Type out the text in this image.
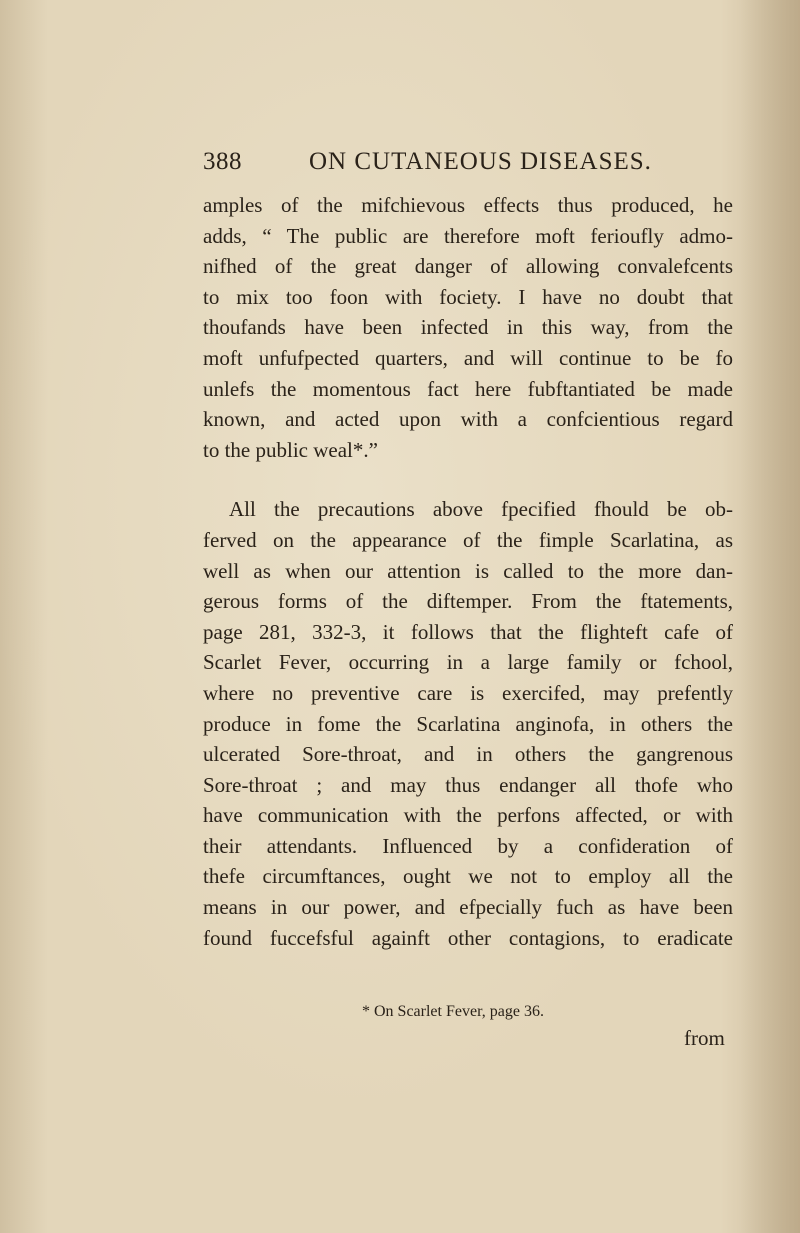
388	ON CUTANEOUS DISEASES.
amples of the mifchievous effects thus produced, he
adds, “ The public are therefore moft ferioufly admo-
nifhed of the great danger of allowing convalefcents
to mix too foon with fociety. I have no doubt that
thoufands have been infected in this way, from the
moft unfufpected quarters, and will continue to be fo
unlefs the momentous fact here fubftantiated be made
known, and acted upon with a confcientious regard
to the public weal*.”
All the precautions above fpecified fhould be ob-
ferved on the appearance of the fimple Scarlatina, as
well as when our attention is called to the more dan-
gerous forms of the diftemper. From the ftatements,
page 281, 332-3, it follows that the flighteft cafe of
Scarlet Fever, occurring in a large family or fchool,
where no preventive care is exercifed, may prefently
produce in fome the Scarlatina anginofa, in others the
ulcerated Sore-throat, and in others the gangrenous
Sore-throat ; and may thus endanger all thofe who
have communication with the perfons affected, or with
their attendants. Influenced by a confideration of
thefe circumftances, ought we not to employ all the
means in our power, and efpecially fuch as have been
found fuccefsful againft other contagions, to eradicate
* On Scarlet Fever, page 36.
from
